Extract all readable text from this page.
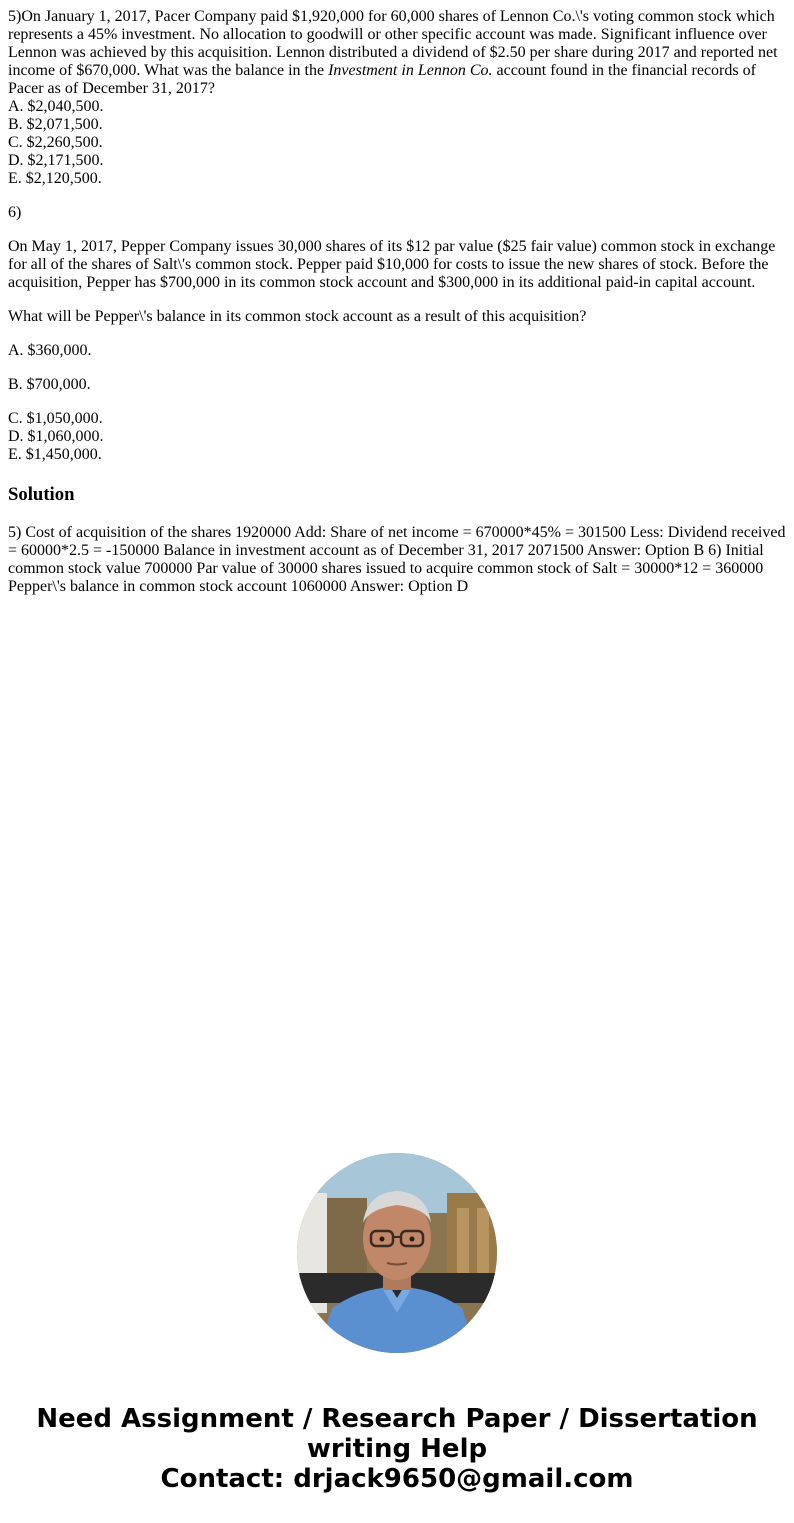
5)On January 1, 2017, Pacer Company paid $1,920,000 for 60,000 shares of Lennon Co.\'s voting common stock which represents a 45% investment. No allocation to goodwill or other specific account was made. Significant influence over Lennon was achieved by this acquisition. Lennon distributed a dividend of $2.50 per share during 2017 and reported net income of $670,000. What was the balance in the Investment in Lennon Co. account found in the financial records of Pacer as of December 31, 2017?
A. $2,040,500.
B. $2,071,500.
C. $2,260,500.
D. $2,171,500.
E. $2,120,500.

6)

On May 1, 2017, Pepper Company issues 30,000 shares of its $12 par value ($25 fair value) common stock in exchange for all of the shares of Salt\'s common stock. Pepper paid $10,000 for costs to issue the new shares of stock. Before the acquisition, Pepper has $700,000 in its common stock account and $300,000 in its additional paid-in capital account.

What will be Pepper\'s balance in its common stock account as a result of this acquisition?

A. $360,000.

B. $700,000.

C. $1,050,000.
D. $1,060,000.
E. $1,450,000.

Solution

5) Cost of acquisition of the shares 1920000 Add: Share of net income = 670000*45% = 301500 Less: Dividend received = 60000*2.5 = -150000 Balance in investment account as of December 31, 2017 2071500 Answer: Option B 6) Initial common stock value 700000 Par value of 30000 shares issued to acquire common stock of Salt = 30000*12 = 360000 Pepper\'s balance in common stock account 1060000 Answer: Option D

Need Assignment / Research Paper / Dissertation
writing Help
Contact: drjack9650@gmail.com
